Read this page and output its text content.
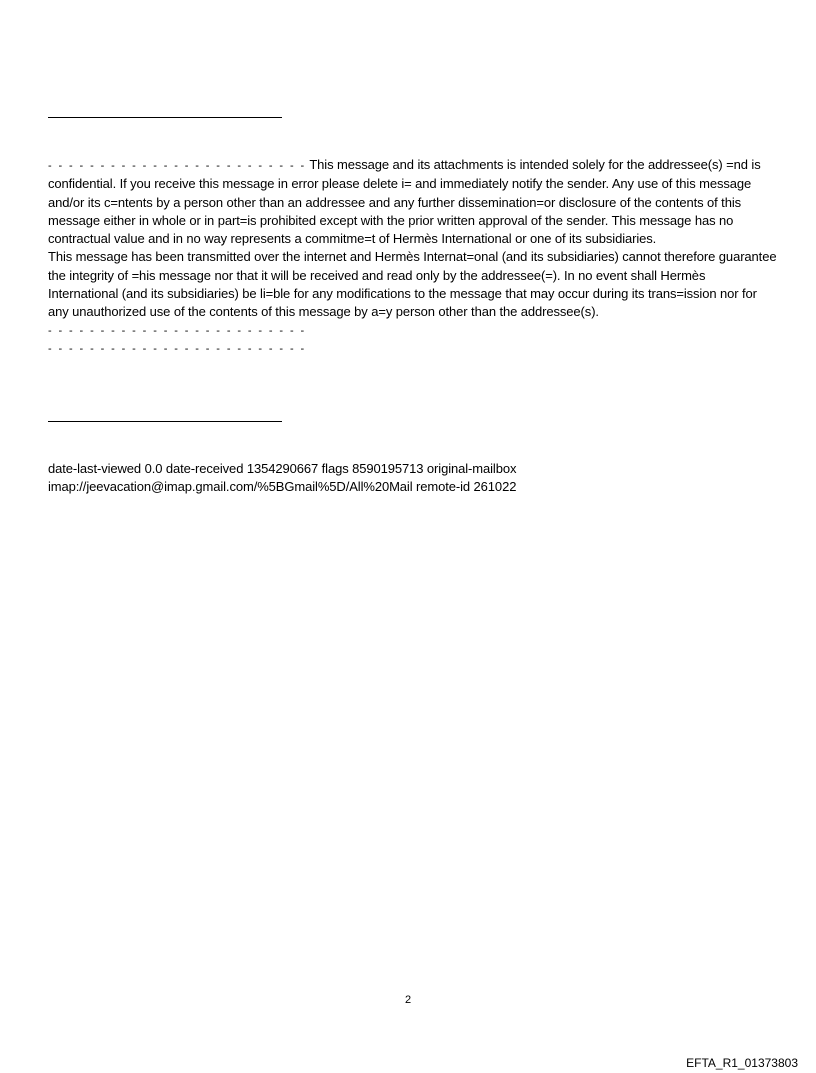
- - - - - - - - - - - - - - - - - - - - - - - - - This message and its attachments is intended solely for the addressee(s) =nd is confidential. If you receive this message in error please delete i= and immediately notify the sender. Any use of this message and/or its c=ntents by a person other than an addressee and any further dissemination=or disclosure of the contents of this message either in whole or in part=is prohibited except with the prior written approval of the sender. This message has no contractual value and in no way represents a commitme=t of Hermès International or one of its subsidiaries.

This message has been transmitted over the internet and Hermès Internat=onal (and its subsidiaries) cannot therefore guarantee the integrity of =his message nor that it will be received and read only by the addressee(=). In no event shall Hermès International (and its subsidiaries) be li=ble for any modifications to the message that may occur during its trans=ission nor for any unauthorized use of the contents of this message by a=y person other than the addressee(s).

- - - - - - - - - - - - - - - - - - - - - - - - -
- - - - - - - - - - - - - - - - - - - - - - - - -
date-last-viewed 0.0 date-received 1354290667 flags 8590195713 original-mailbox
imap://jeevacation@imap.gmail.com/%5BGmail%5D/All%20Mail remote-id 261022
2
EFTA_R1_01373803
